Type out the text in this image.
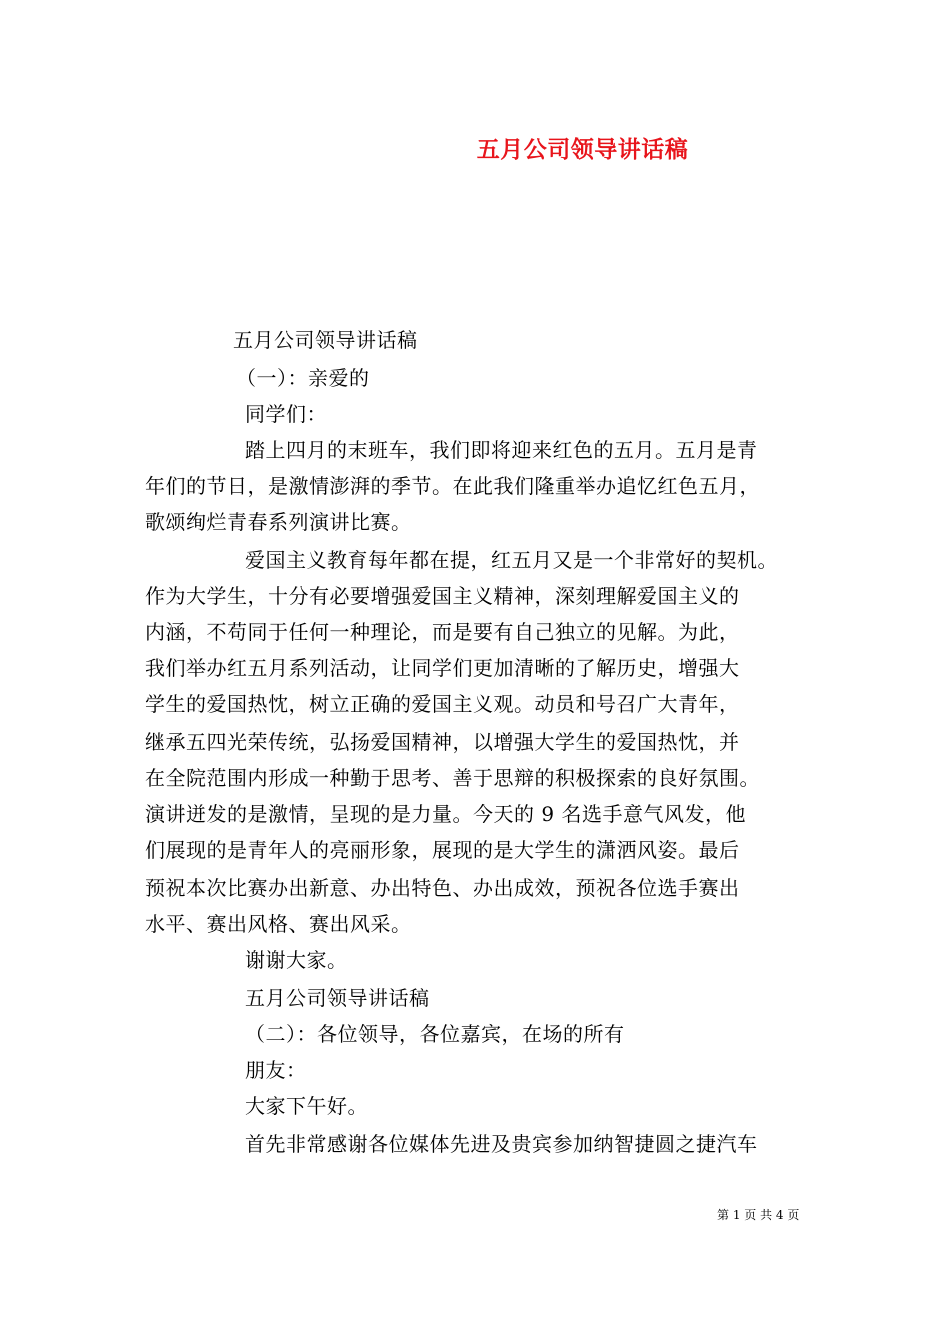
五月公司领导讲话稿
五月公司领导讲话稿
（一）：亲爱的
同学们：
踏上四月的末班车，我们即将迎来红色的五月。五月是青
年们的节日，是激情澎湃的季节。在此我们隆重举办追忆红色五月，
歌颂绚烂青春系列演讲比赛。
爱国主义教育每年都在提，红五月又是一个非常好的契机。
作为大学生，十分有必要增强爱国主义精神，深刻理解爱国主义的
内涵，不苟同于任何一种理论，而是要有自己独立的见解。为此，
我们举办红五月系列活动，让同学们更加清晰的了解历史，增强大
学生的爱国热忱，树立正确的爱国主义观。动员和号召广大青年，
继承五四光荣传统，弘扬爱国精神，以增强大学生的爱国热忱，并
在全院范围内形成一种勤于思考、善于思辩的积极探索的良好氛围。
演讲迸发的是激情，呈现的是力量。今天的 9 名选手意气风发，他
们展现的是青年人的亮丽形象，展现的是大学生的潇洒风姿。最后
预祝本次比赛办出新意、办出特色、办出成效，预祝各位选手赛出
水平、赛出风格、赛出风采。
谢谢大家。
五月公司领导讲话稿
（二）：各位领导，各位嘉宾，在场的所有
朋友：
大家下午好。
首先非常感谢各位媒体先进及贵宾参加纳智捷圆之捷汽车
第 1 页 共 4 页
